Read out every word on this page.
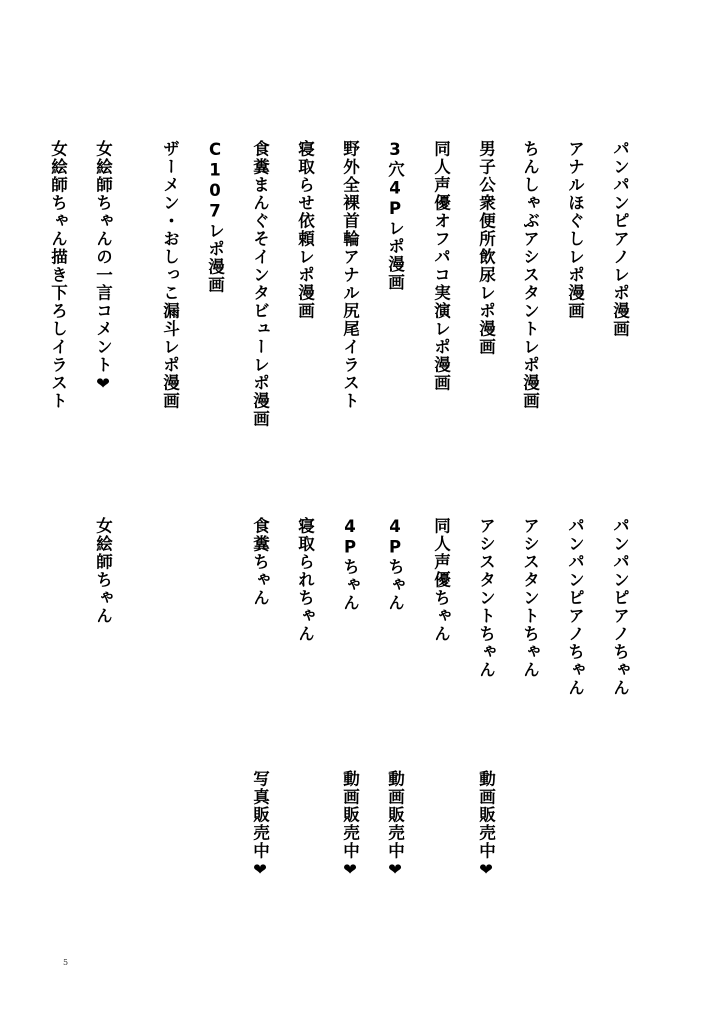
パンパンピアノレポ漫画
パンパンピアノちゃん
アナルほぐしレポ漫画
パンパンピアノちゃん
ちんしゃぶアシスタントレポ漫画
アシスタントちゃん
男子公衆便所飲尿レポ漫画
アシスタントちゃん
動画販売中❤
同人声優オフパコ実演レポ漫画
同人声優ちゃん
3穴4Pレポ漫画
4Pちゃん
動画販売中❤
野外全裸首輪アナル尻尾イラスト
4Pちゃん
動画販売中❤
寝取らせ依頼レポ漫画
寝取られちゃん
食糞まんぐそインタビューレポ漫画
食糞ちゃん
写真販売中❤
C107レポ漫画
ザーメン・おしっこ漏斗レポ漫画
女絵師ちゃんの一言コメント❤
女絵師ちゃん
女絵師ちゃん描き下ろしイラスト
5
